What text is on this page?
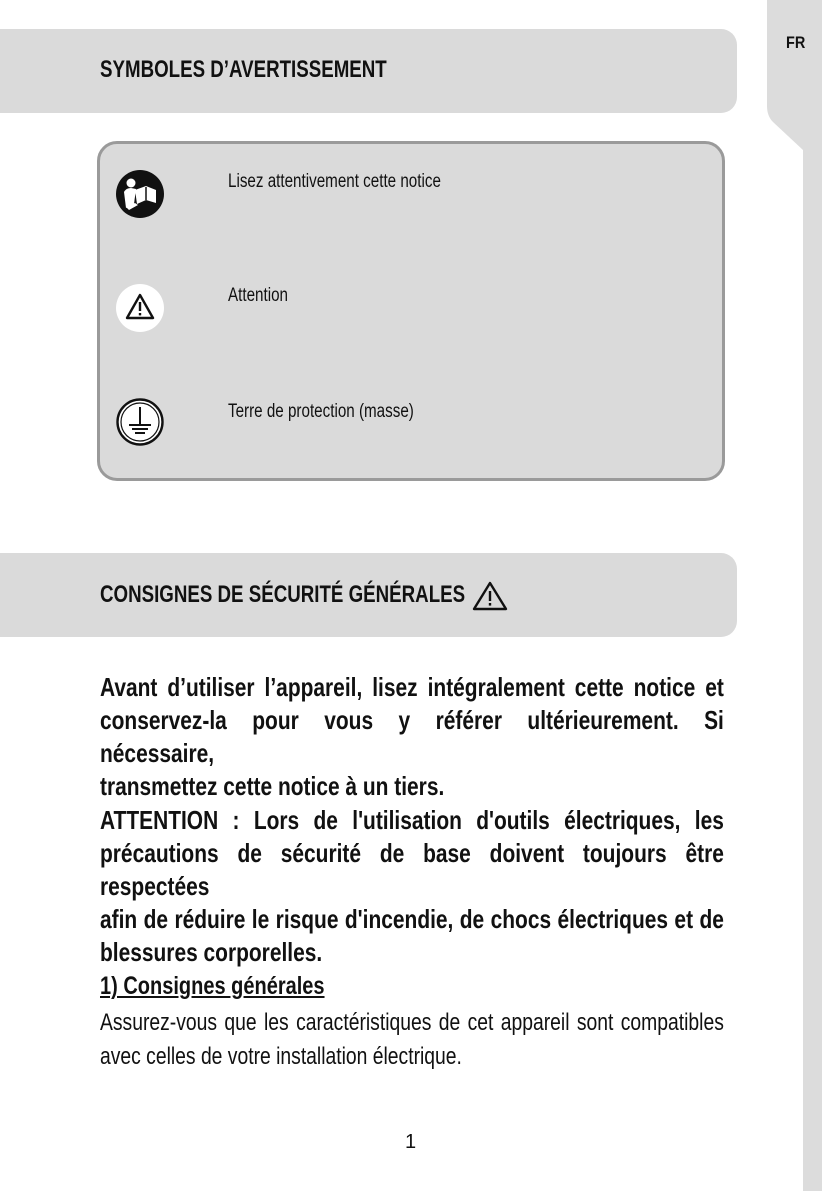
FR
SYMBOLES D’AVERTISSEMENT
Lisez attentivement cette notice
Attention
Terre de protection (masse)
CONSIGNES DE SÉCURITÉ GÉNÉRALES
Avant d’utiliser l’appareil, lisez intégralement cette notice et
conservez-la pour vous y référer ultérieurement. Si nécessaire,
transmettez cette notice à un tiers.
ATTENTION : Lors de l'utilisation d'outils électriques, les
précautions de sécurité de base doivent toujours être respectées
afin de réduire le risque d'incendie, de chocs électriques et de
blessures corporelles.
1) Consignes générales
Assurez-vous que les caractéristiques de cet appareil sont compatibles
avec celles de votre installation électrique.
1
